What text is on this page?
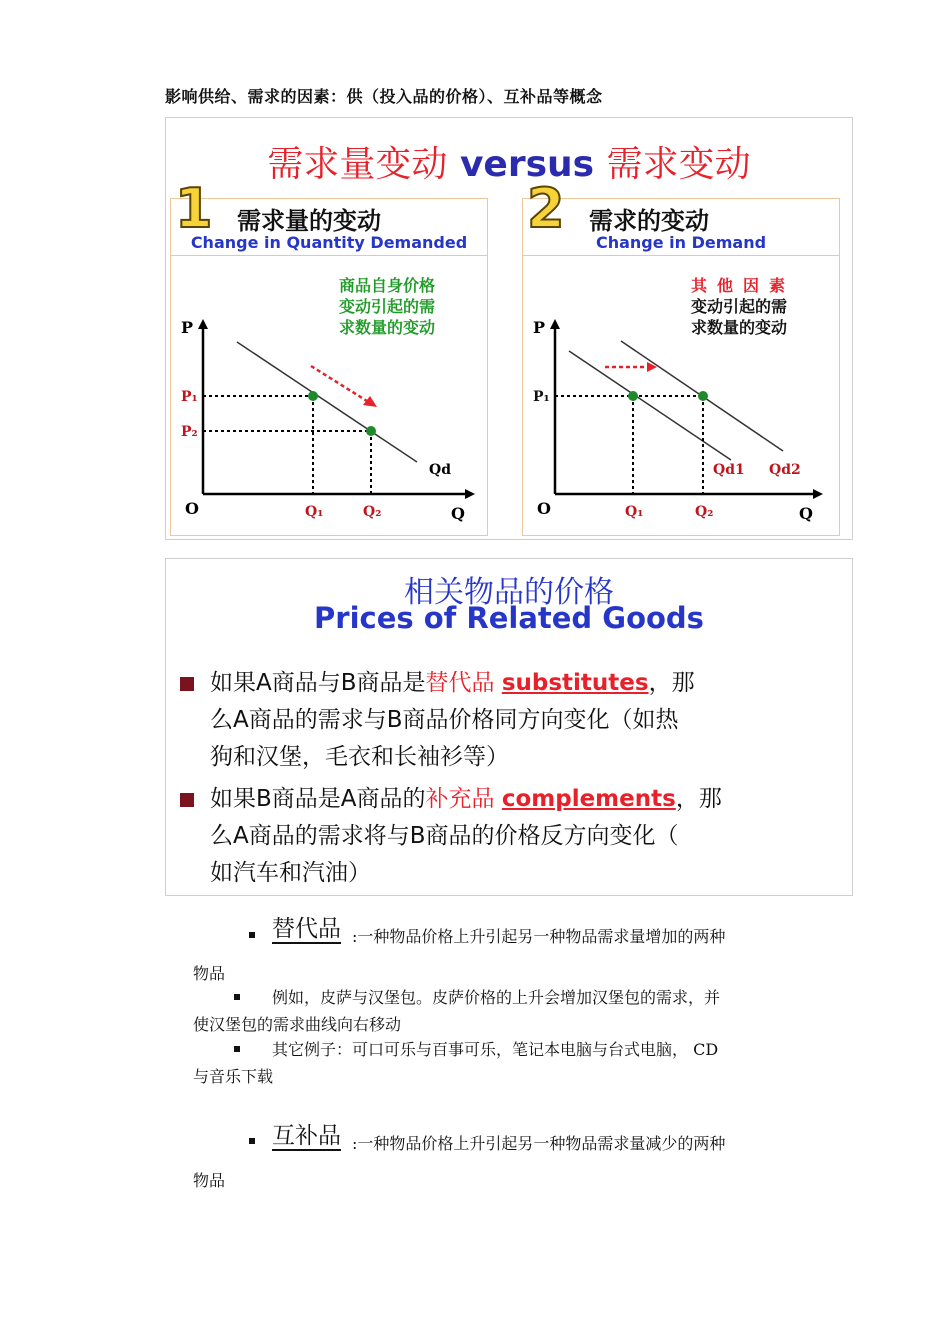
影响供给、需求的因素：供（投入品的价格）、互补品等概念
需求量变动 versus 需求变动
1	需求量的变动
Change in Quantity Demanded
商品自身价格
变动引起的需
求数量的变动
P
O	Q
P₁
P₂
Q₁	Q₂
Qd
2	需求的变动
Change in Demand
其他因素
变动引起的需
求数量的变动
P
O	Q
P₁
Q₁	Q₂
Qd1 Qd2
相关物品的价格
Prices of Related Goods
如果A商品与B商品是替代品 substitutes，那
么A商品的需求与B商品价格同方向变化（如热
狗和汉堡，毛衣和长袖衫等）
如果B商品是A商品的补充品 complements，那
么A商品的需求将与B商品的价格反方向变化（
如汽车和汽油）
替代品 :一种物品价格上升引起另一种物品需求量增加的两种
物品
例如，皮萨与汉堡包。皮萨价格的上升会增加汉堡包的需求，并
使汉堡包的需求曲线向右移动
其它例子：可口可乐与百事可乐，笔记本电脑与台式电脑， CD
与音乐下载
互补品 :一种物品价格上升引起另一种物品需求量减少的两种
物品
